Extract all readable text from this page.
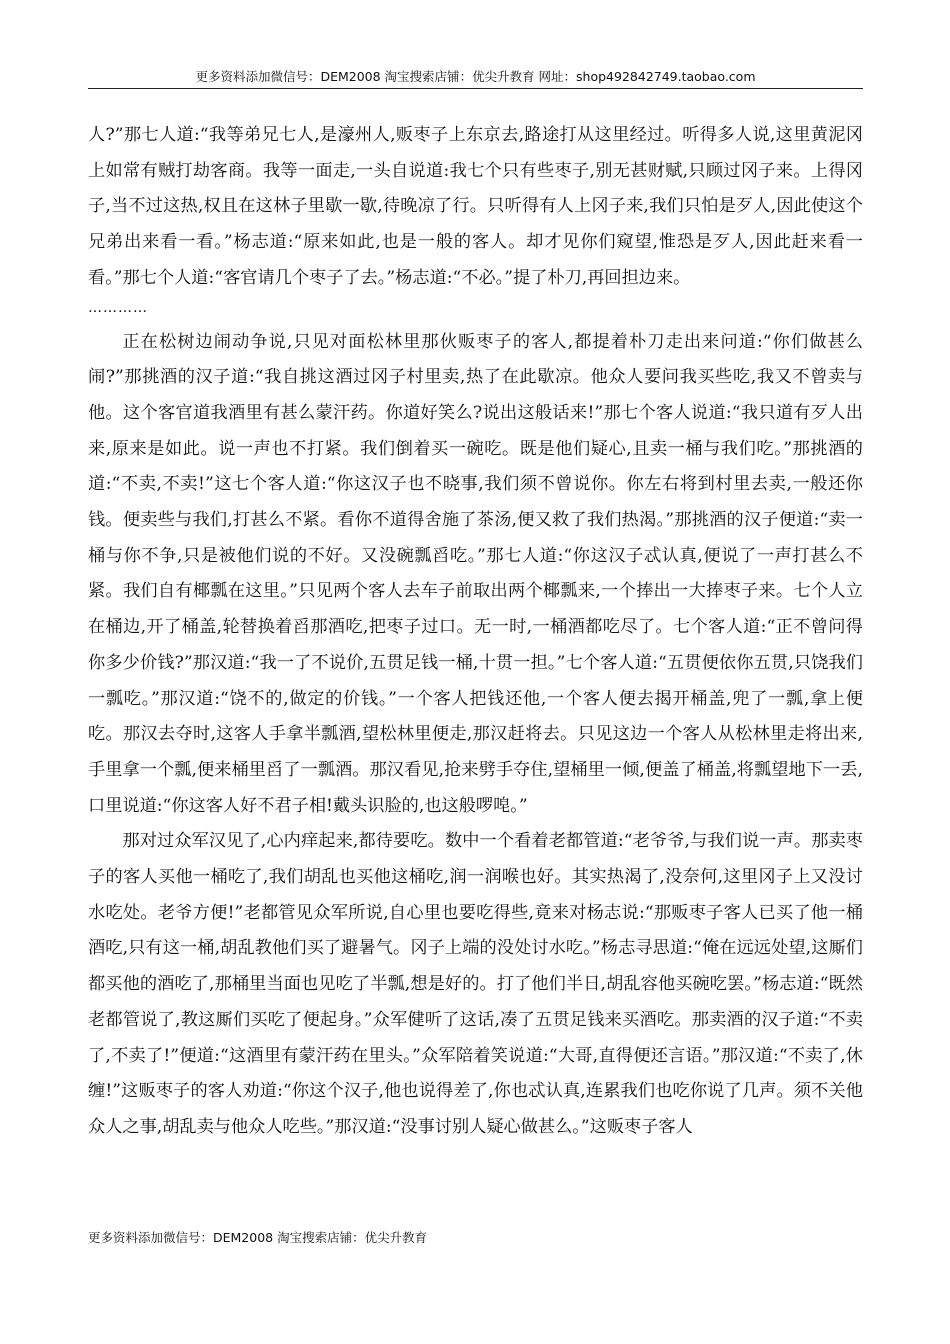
更多资料添加微信号：DEM2008 淘宝搜索店铺：优尖升教育 网址：shop492842749.taobao.com

人?”那七人道:“我等弟兄七人,是濠州人,贩枣子上东京去,路途打从这里经过。听得多人说,这里黄泥冈上如常有贼打劫客商。我等一面走,一头自说道:我七个只有些枣子,别无甚财赋,只顾过冈子来。上得冈子,当不过这热,权且在这林子里歇一歇,待晚凉了行。只听得有人上冈子来,我们只怕是歹人,因此使这个兄弟出来看一看。”杨志道:“原来如此,也是一般的客人。却才见你们窥望,惟恐是歹人,因此赶来看一看。”那七个人道:“客官请几个枣子了去。”杨志道:“不必。”提了朴刀,再回担边来。

…………

正在松树边闹动争说,只见对面松林里那伙贩枣子的客人,都提着朴刀走出来问道:“你们做甚么闹?”那挑酒的汉子道:“我自挑这酒过冈子村里卖,热了在此歇凉。他众人要问我买些吃,我又不曾卖与他。这个客官道我酒里有甚么蒙汗药。你道好笑么?说出这般话来!”那七个客人说道:“我只道有歹人出来,原来是如此。说一声也不打紧。我们倒着买一碗吃。既是他们疑心,且卖一桶与我们吃。”那挑酒的道:“不卖,不卖!”这七个客人道:“你这汉子也不晓事,我们须不曾说你。你左右将到村里去卖,一般还你钱。便卖些与我们,打甚么不紧。看你不道得舍施了茶汤,便又救了我们热渴。”那挑酒的汉子便道:“卖一桶与你不争,只是被他们说的不好。又没碗瓢舀吃。”那七人道:“你这汉子忒认真,便说了一声打甚么不紧。我们自有椰瓢在这里。”只见两个客人去车子前取出两个椰瓢来,一个捧出一大捧枣子来。七个人立在桶边,开了桶盖,轮替换着舀那酒吃,把枣子过口。无一时,一桶酒都吃尽了。七个客人道:“正不曾问得你多少价钱?”那汉道:“我一了不说价,五贯足钱一桶,十贯一担。”七个客人道:“五贯便依你五贯,只饶我们一瓢吃。”那汉道:“饶不的,做定的价钱。”一个客人把钱还他,一个客人便去揭开桶盖,兜了一瓢,拿上便吃。那汉去夺时,这客人手拿半瓢酒,望松林里便走,那汉赶将去。只见这边一个客人从松林里走将出来,手里拿一个瓢,便来桶里舀了一瓢酒。那汉看见,抢来劈手夺住,望桶里一倾,便盖了桶盖,将瓢望地下一丢,口里说道:“你这客人好不君子相!戴头识脸的,也这般啰唣。”

那对过众军汉见了,心内痒起来,都待要吃。数中一个看着老都管道:“老爷爷,与我们说一声。那卖枣子的客人买他一桶吃了,我们胡乱也买他这桶吃,润一润喉也好。其实热渴了,没奈何,这里冈子上又没讨水吃处。老爷方便!”老都管见众军所说,自心里也要吃得些,竟来对杨志说:“那贩枣子客人已买了他一桶酒吃,只有这一桶,胡乱教他们买了避暑气。冈子上端的没处讨水吃。”杨志寻思道:“俺在远远处望,这厮们都买他的酒吃了,那桶里当面也见吃了半瓢,想是好的。打了他们半日,胡乱容他买碗吃罢。”杨志道:“既然老都管说了,教这厮们买吃了便起身。”众军健听了这话,凑了五贯足钱来买酒吃。那卖酒的汉子道:“不卖了,不卖了!”便道:“这酒里有蒙汗药在里头。”众军陪着笑说道:“大哥,直得便还言语。”那汉道:“不卖了,休缠!”这贩枣子的客人劝道:“你这个汉子,他也说得差了,你也忒认真,连累我们也吃你说了几声。须不关他众人之事,胡乱卖与他众人吃些。”那汉道:“没事讨别人疑心做甚么。”这贩枣子客人

更多资料添加微信号：DEM2008 淘宝搜索店铺：优尖升教育
